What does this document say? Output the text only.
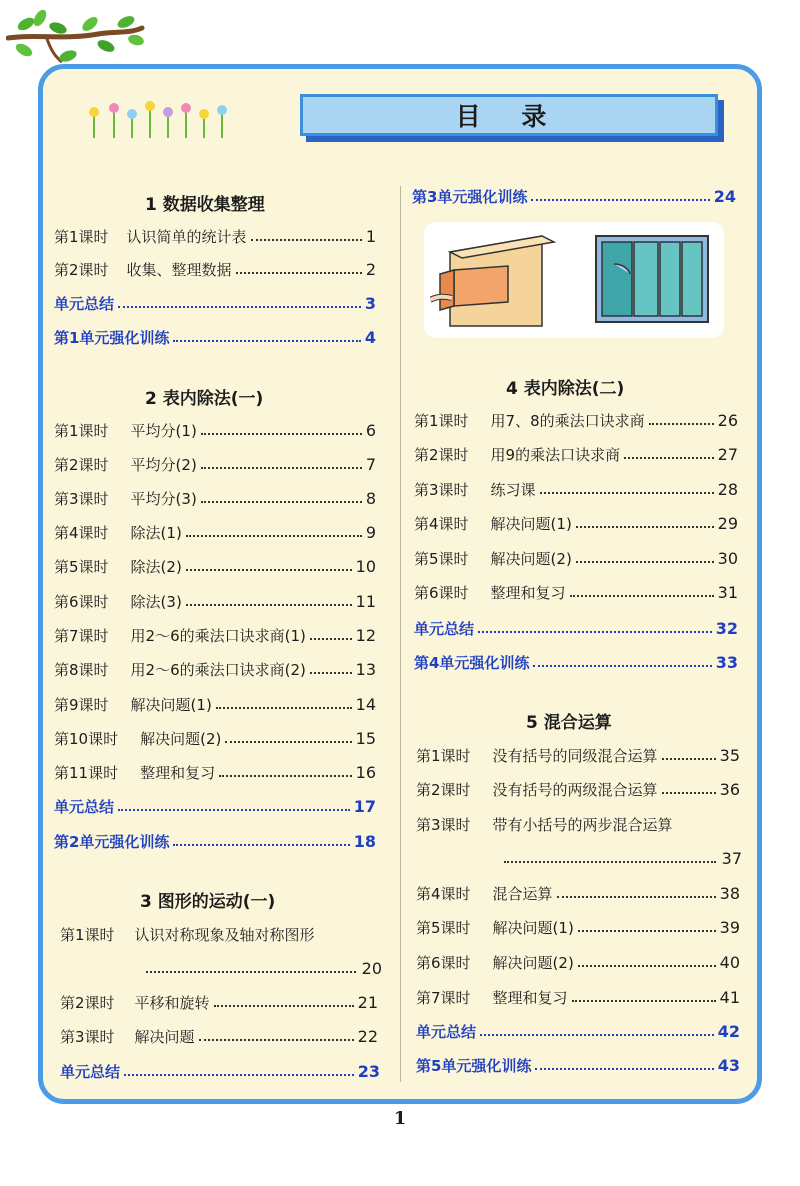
目 录
1 数据收集整理
第1课时 认识简单的统计表	1
第2课时 收集、整理数据	2
单元总结	3
第1单元强化训练	4
2 表内除法(一)
第1课时 平均分(1)	6
第2课时 平均分(2)	7
第3课时 平均分(3)	8
第4课时 除法(1)	9
第5课时 除法(2)	10
第6课时 除法(3)	11
第7课时 用2～6的乘法口诀求商(1)	12
第8课时 用2～6的乘法口诀求商(2)	13
第9课时 解决问题(1)	14
第10课时 解决问题(2)	15
第11课时 整理和复习	16
单元总结	17
第2单元强化训练	18
3 图形的运动(一)
第1课时 认识对称现象及轴对称图形
20
第2课时 平移和旋转	21
第3课时 解决问题	22
单元总结	23
第3单元强化训练	24
4 表内除法(二)
第1课时 用7、8的乘法口诀求商	26
第2课时 用9的乘法口诀求商	27
第3课时 练习课	28
第4课时 解决问题(1)	29
第5课时 解决问题(2)	30
第6课时 整理和复习	31
单元总结	32
第4单元强化训练	33
5 混合运算
第1课时 没有括号的同级混合运算	35
第2课时 没有括号的两级混合运算	36
第3课时 带有小括号的两步混合运算
37
第4课时 混合运算	38
第5课时 解决问题(1)	39
第6课时 解决问题(2)	40
第7课时 整理和复习	41
单元总结	42
第5单元强化训练	43
1
